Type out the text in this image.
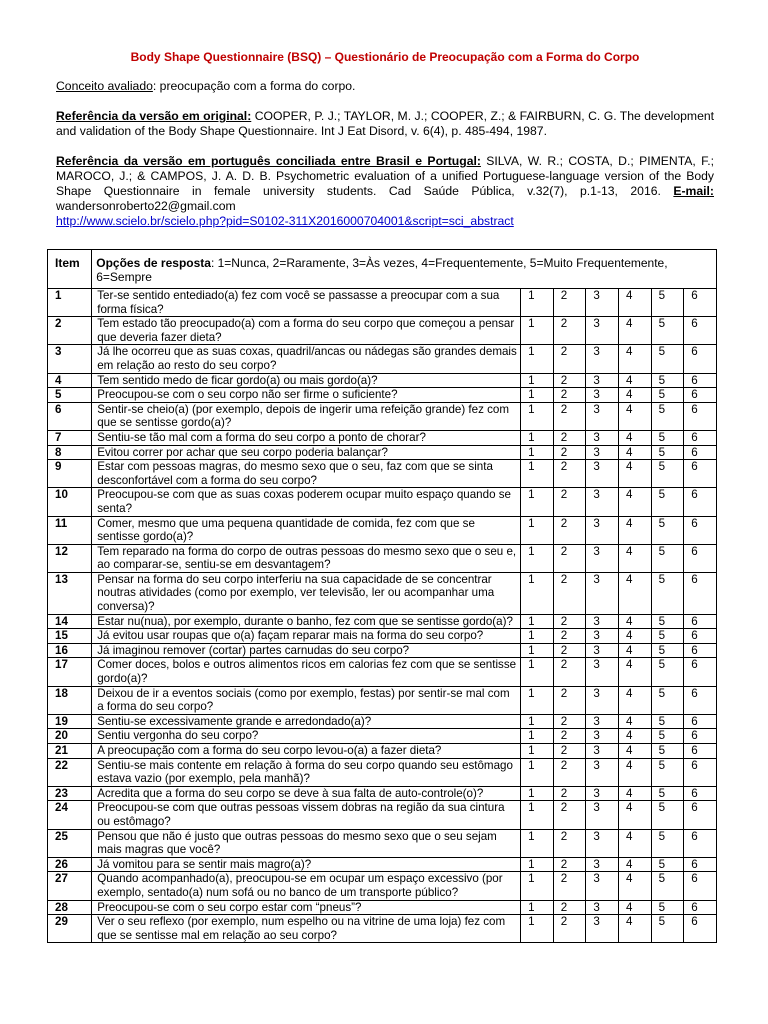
Body Shape Questionnaire (BSQ) – Questionário de Preocupação com a Forma do Corpo
Conceito avaliado: preocupação com a forma do corpo.
Referência da versão em original: COOPER, P. J.; TAYLOR, M. J.; COOPER, Z.; & FAIRBURN, C. G. The development and validation of the Body Shape Questionnaire. Int J Eat Disord, v. 6(4), p. 485-494, 1987.
Referência da versão em português conciliada entre Brasil e Portugal: SILVA, W. R.; COSTA, D.; PIMENTA, F.; MAROCO, J.; & CAMPOS, J. A. D. B. Psychometric evaluation of a unified Portuguese-language version of the Body Shape Questionnaire in female university students. Cad Saúde Pública, v.32(7), p.1-13, 2016. E-mail: wandersonroberto22@gmail.com
http://www.scielo.br/scielo.php?pid=S0102-311X2016000704001&script=sci_abstract
Item	Opções de resposta: 1=Nunca, 2=Raramente, 3=Às vezes, 4=Frequentemente, 5=Muito Frequentemente, 6=Sempre						
1	Ter-se sentido entediado(a) fez com você se passasse a preocupar com a sua forma física?	1	2	3	4	5	6
2	Tem estado tão preocupado(a) com a forma do seu corpo que começou a pensar que deveria fazer dieta?	1	2	3	4	5	6
3	Já lhe ocorreu que as suas coxas, quadril/ancas ou nádegas são grandes demais em relação ao resto do seu corpo?	1	2	3	4	5	6
4	Tem sentido medo de ficar gordo(a) ou mais gordo(a)?	1	2	3	4	5	6
5	Preocupou-se com o seu corpo não ser firme o suficiente?	1	2	3	4	5	6
6	Sentir-se cheio(a) (por exemplo, depois de ingerir uma refeição grande) fez com que se sentisse gordo(a)?	1	2	3	4	5	6
7	Sentiu-se tão mal com a forma do seu corpo a ponto de chorar?	1	2	3	4	5	6
8	Evitou correr por achar que seu corpo poderia balançar?	1	2	3	4	5	6
9	Estar com pessoas magras, do mesmo sexo que o seu, faz com que se sinta desconfortável com a forma do seu corpo?	1	2	3	4	5	6
10	Preocupou-se com que as suas coxas poderem ocupar muito espaço quando se senta?	1	2	3	4	5	6
11	Comer, mesmo que uma pequena quantidade de comida, fez com que se sentisse gordo(a)?	1	2	3	4	5	6
12	Tem reparado na forma do corpo de outras pessoas do mesmo sexo que o seu e, ao comparar-se, sentiu-se em desvantagem?	1	2	3	4	5	6
13	Pensar na forma do seu corpo interferiu na sua capacidade de se concentrar noutras atividades (como por exemplo, ver televisão, ler ou acompanhar uma conversa)?	1	2	3	4	5	6
14	Estar nu(nua), por exemplo, durante o banho, fez com que se sentisse gordo(a)?	1	2	3	4	5	6
15	Já evitou usar roupas que o(a) façam reparar mais na forma do seu corpo?	1	2	3	4	5	6
16	Já imaginou remover (cortar) partes carnudas do seu corpo?	1	2	3	4	5	6
17	Comer doces, bolos e outros alimentos ricos em calorias fez com que se sentisse gordo(a)?	1	2	3	4	5	6
18	Deixou de ir a eventos sociais (como por exemplo, festas) por sentir-se mal com a forma do seu corpo?	1	2	3	4	5	6
19	Sentiu-se excessivamente grande e arredondado(a)?	1	2	3	4	5	6
20	Sentiu vergonha do seu corpo?	1	2	3	4	5	6
21	A preocupação com a forma do seu corpo levou-o(a) a fazer dieta?	1	2	3	4	5	6
22	Sentiu-se mais contente em relação à forma do seu corpo quando seu estômago estava vazio (por exemplo, pela manhã)?	1	2	3	4	5	6
23	Acredita que a forma do seu corpo se deve à sua falta de auto-controle(o)?	1	2	3	4	5	6
24	Preocupou-se com que outras pessoas vissem dobras na região da sua cintura ou estômago?	1	2	3	4	5	6
25	Pensou que não é justo que outras pessoas do mesmo sexo que o seu sejam mais magras que você?	1	2	3	4	5	6
26	Já vomitou para se sentir mais magro(a)?	1	2	3	4	5	6
27	Quando acompanhado(a), preocupou-se em ocupar um espaço excessivo (por exemplo, sentado(a) num sofá ou no banco de um transporte público?	1	2	3	4	5	6
28	Preocupou-se com o seu corpo estar com “pneus”?	1	2	3	4	5	6
29	Ver o seu reflexo (por exemplo, num espelho ou na vitrine de uma loja) fez com que se sentisse mal em relação ao seu corpo?	1	2	3	4	5	6
